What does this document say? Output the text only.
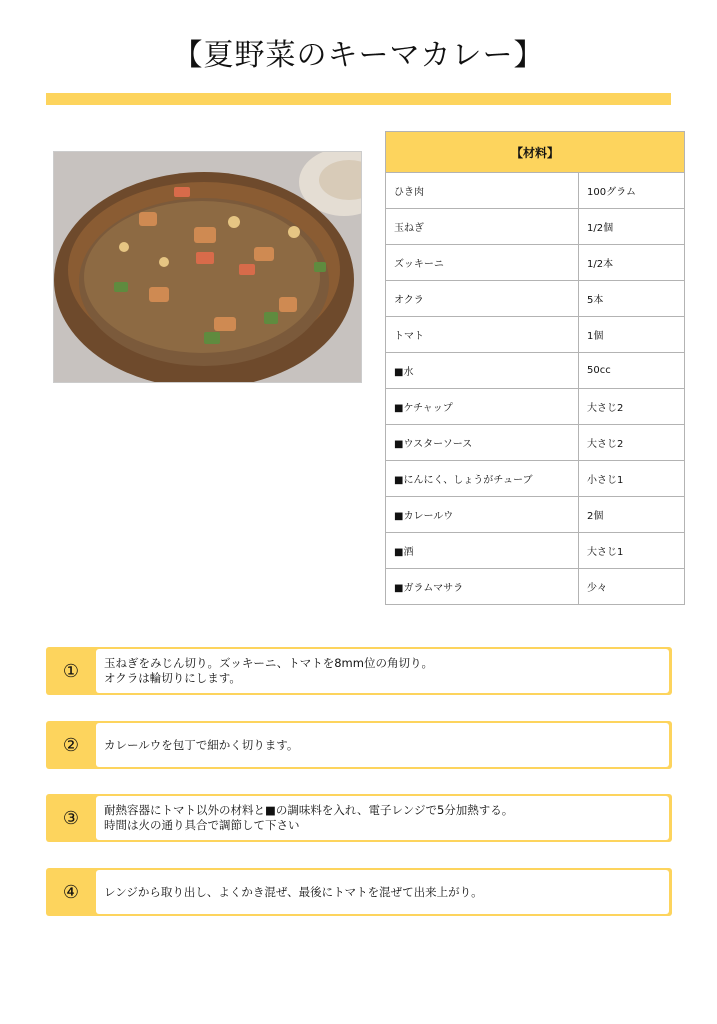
【夏野菜のキーマカレー】
【材料】	
ひき肉	100グラム
玉ねぎ	1/2個
ズッキーニ	1/2本
オクラ	5本
トマト	1個
■水	50cc
■ケチャップ	大さじ2
■ウスターソース	大さじ2
■にんにく、しょうがチューブ	小さじ1
■カレールウ	2個
■酒	大さじ1
■ガラムマサラ	少々
①	玉ねぎをみじん切り。ズッキーニ、トマトを8mm位の角切り。
オクラは輪切りにします。
②	カレールウを包丁で細かく切ります。
③	耐熱容器にトマト以外の材料と■の調味料を入れ、電子レンジで5分加熱する。
時間は火の通り具合で調節して下さい
④	レンジから取り出し、よくかき混ぜ、最後にトマトを混ぜて出来上がり。
